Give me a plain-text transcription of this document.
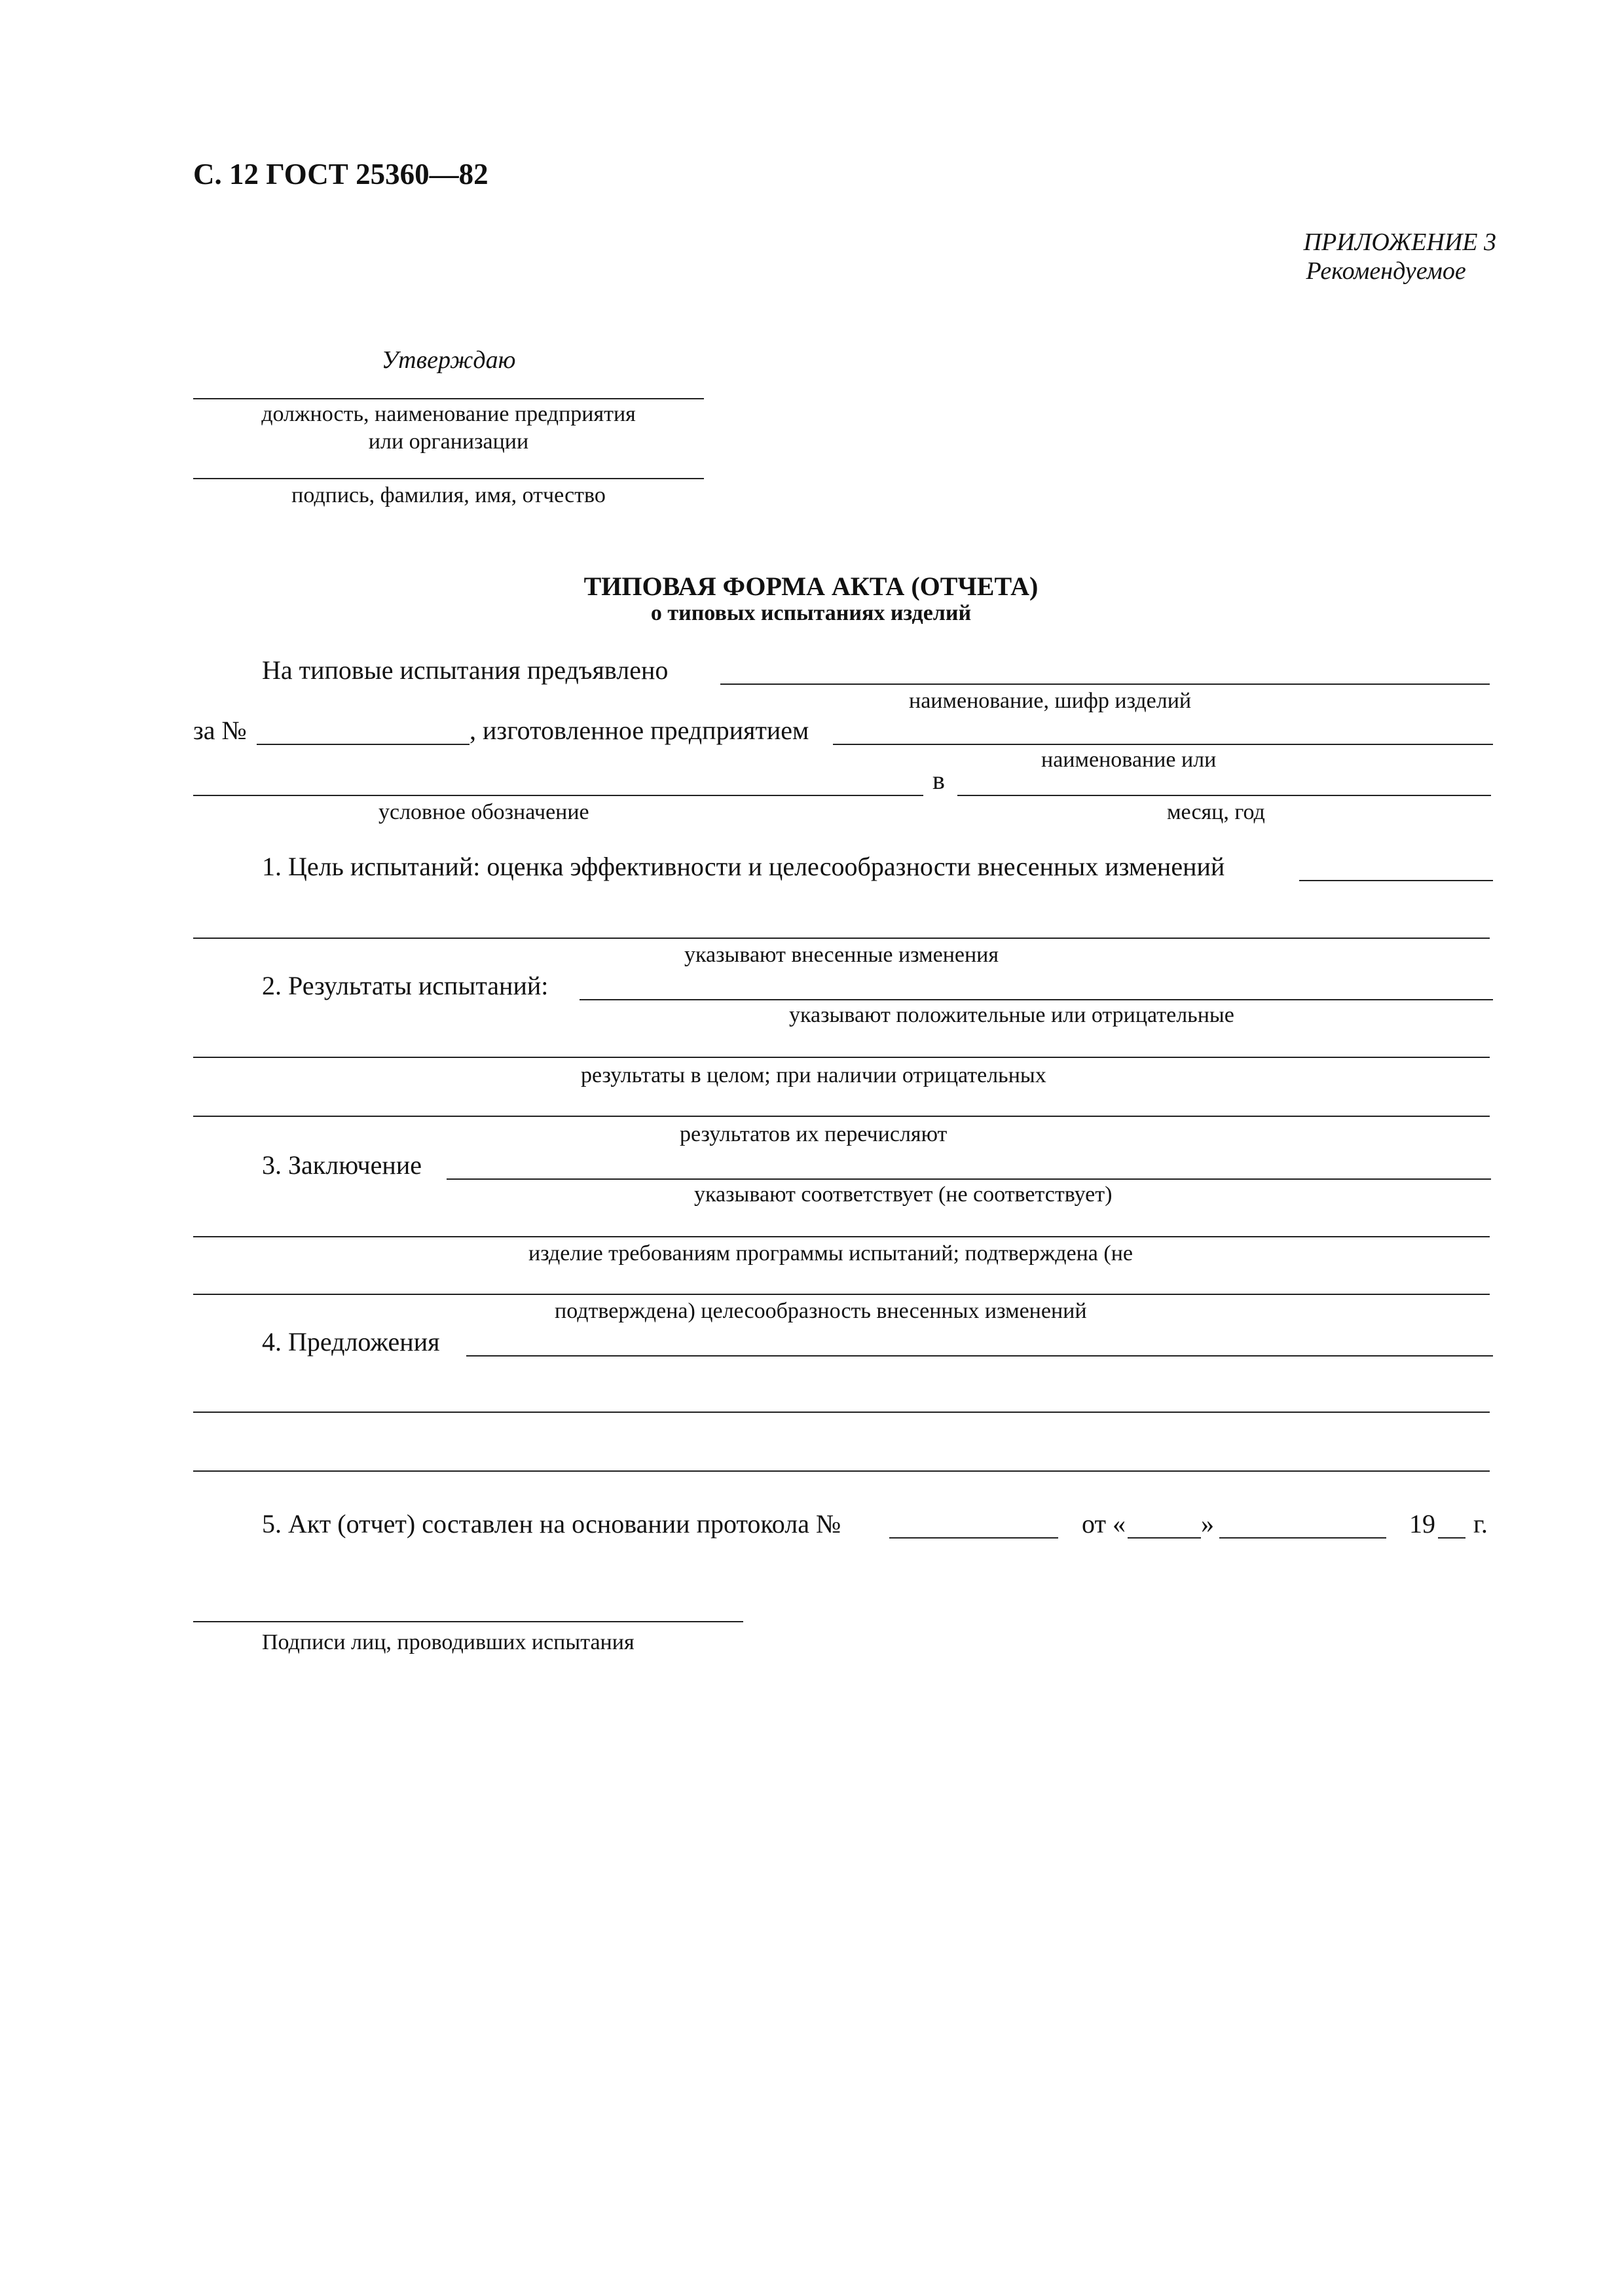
С. 12 ГОСТ 25360—82
ПРИЛОЖЕНИЕ 3
Рекомендуемое
Утверждаю
должность, наименование предприятия
или организации
подпись, фамилия, имя, отчество
ТИПОВАЯ ФОРМА АКТА (ОТЧЕТА)
о типовых испытаниях изделий
На типовые испытания предъявлено
наименование, шифр изделий
за №	, изготовленное предприятием
наименование или
в
условное обозначение	месяц, год
1. Цель испытаний: оценка эффективности и целесообразности внесенных изменений
указывают внесенные изменения
2. Результаты испытаний:
указывают положительные или отрицательные
результаты в целом; при наличии отрицательных
результатов их перечисляют
3. Заключение
указывают соответствует (не соответствует)
изделие требованиям программы испытаний; подтверждена (не
подтверждена) целесообразность внесенных изменений
4. Предложения
5. Акт (отчет) составлен на основании протокола №	от «	»	19 г.
Подписи лиц, проводивших испытания
